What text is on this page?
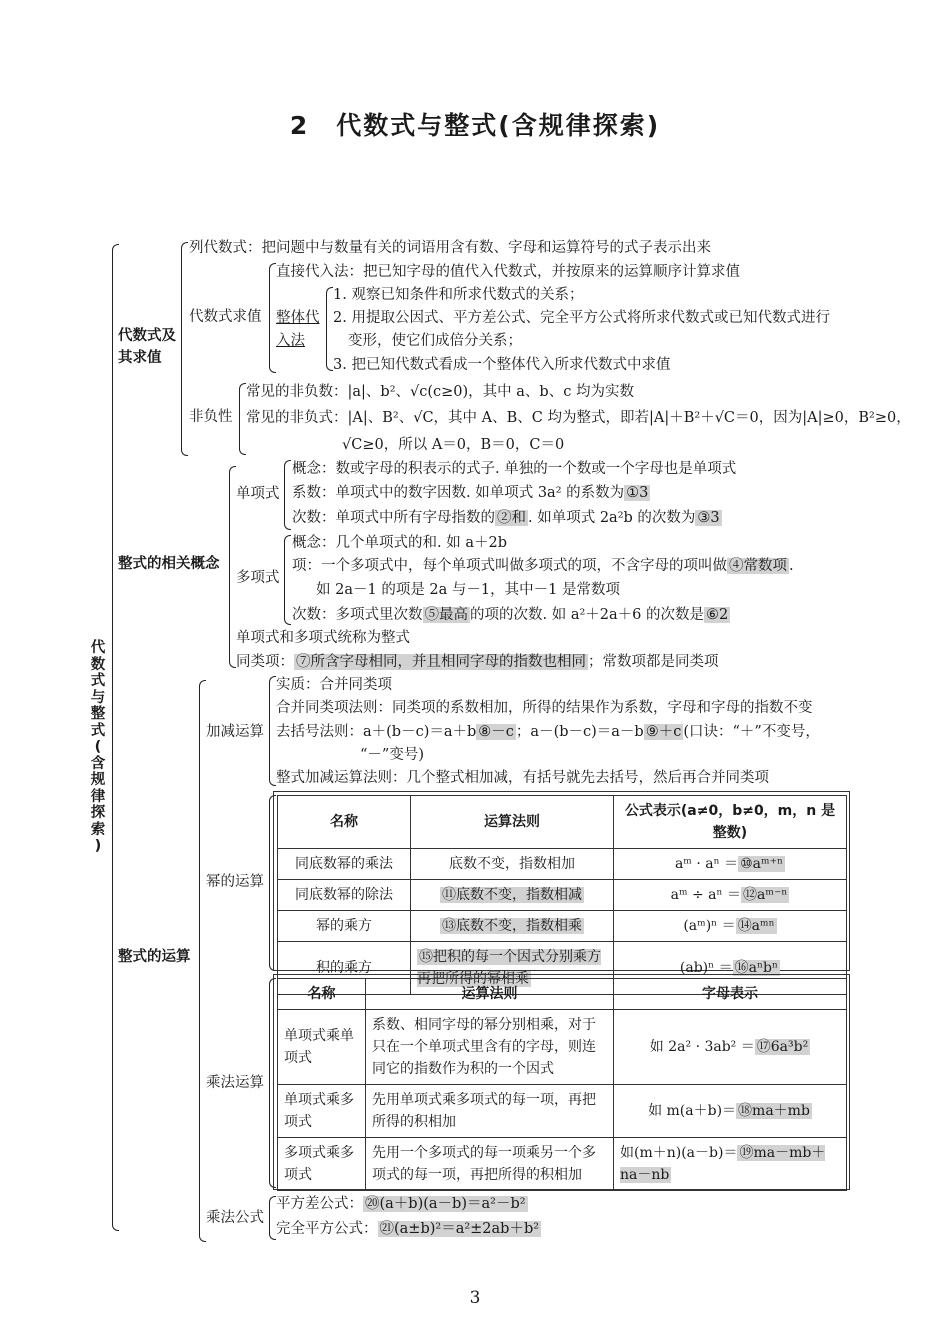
2　代数式与整式(含规律探索)
代
数
式
与
整
式
(
含
规
律
探
索
)
代数式及
其求值
列代数式：把问题中与数量有关的词语用含有数、字母和运算符号的式子表示出来
代数式求值
直接代入法：把已知字母的值代入代数式，并按原来的运算顺序计算求值
整体代
入法
1. 观察已知条件和所求代数式的关系；
2. 用提取公因式、平方差公式、完全平方公式将所求代数式或已知代数式进行
变形，使它们成倍分关系；
3. 把已知代数式看成一个整体代入所求代数式中求值
非负性
常见的非负数：|a|、b²、√c(c≥0)，其中 a、b、c 均为实数
常见的非负式：|A|、B²、√C，其中 A、B、C 均为整式，即若|A|＋B²＋√C＝0，因为|A|≥0，B²≥0，
√C≥0，所以 A＝0，B＝0，C＝0
整式的相关概念
单项式
概念：数或字母的积表示的式子. 单独的一个数或一个字母也是单项式
系数：单项式中的数字因数. 如单项式 3a² 的系数为 ①3
次数：单项式中所有字母指数的 ②和 . 如单项式 2a²b 的次数为 ③3
多项式
概念：几个单项式的和. 如 a＋2b
项：一个多项式中，每个单项式叫做多项式的项，不含字母的项叫做 ④常数项 .
如 2a－1 的项是 2a 与－1，其中－1 是常数项
次数：多项式里次数 ⑤最高 的项的次数. 如 a²＋2a＋6 的次数是 ⑥2
单项式和多项式统称为整式
同类项： ⑦所含字母相同，并且相同字母的指数也相同 ；常数项都是同类项
整式的运算
加减运算
实质：合并同类项
合并同类项法则：同类项的系数相加，所得的结果作为系数，字母和字母的指数不变
去括号法则：a＋(b－c)＝a＋b ⑧－c ；a－(b－c)＝a－b ⑨＋c (口诀：“＋”不变号，
“－”变号)
整式加减运算法则：几个整式相加减，有括号就先去括号，然后再合并同类项
幂的运算
名称	运算法则	公式表示(a≠0，b≠0，m，n 是整数)
同底数幂的乘法	底数不变，指数相加	aᵐ · aⁿ ＝ ⑩aᵐ⁺ⁿ
同底数幂的除法	⑪底数不变，指数相减	aᵐ ÷ aⁿ ＝ ⑫aᵐ⁻ⁿ
幂的乘方	⑬底数不变，指数相乘	(aᵐ)ⁿ ＝ ⑭aᵐⁿ
积的乘方	⑮把积的每一个因式分别乘方再把所得的幂相乘	(ab)ⁿ ＝ ⑯aⁿbⁿ
乘法运算
名称	运算法则	字母表示
单项式乘单项式	系数、相同字母的幂分别相乘，对于只在一个单项式里含有的字母，则连同它的指数作为积的一个因式	如 2a² · 3ab² ＝ ⑰6a³b²
单项式乘多项式	先用单项式乘多项式的每一项，再把所得的积相加	如 m(a＋b)＝ ⑱ma＋mb
多项式乘多项式	先用一个多项式的每一项乘另一个多项式的每一项，再把所得的积相加	如(m＋n)(a－b)＝ ⑲ma－mb＋na－nb
乘法公式
平方差公式： ⑳(a＋b)(a－b)＝a²－b²
完全平方公式： ㉑(a±b)²＝a²±2ab＋b²
3
